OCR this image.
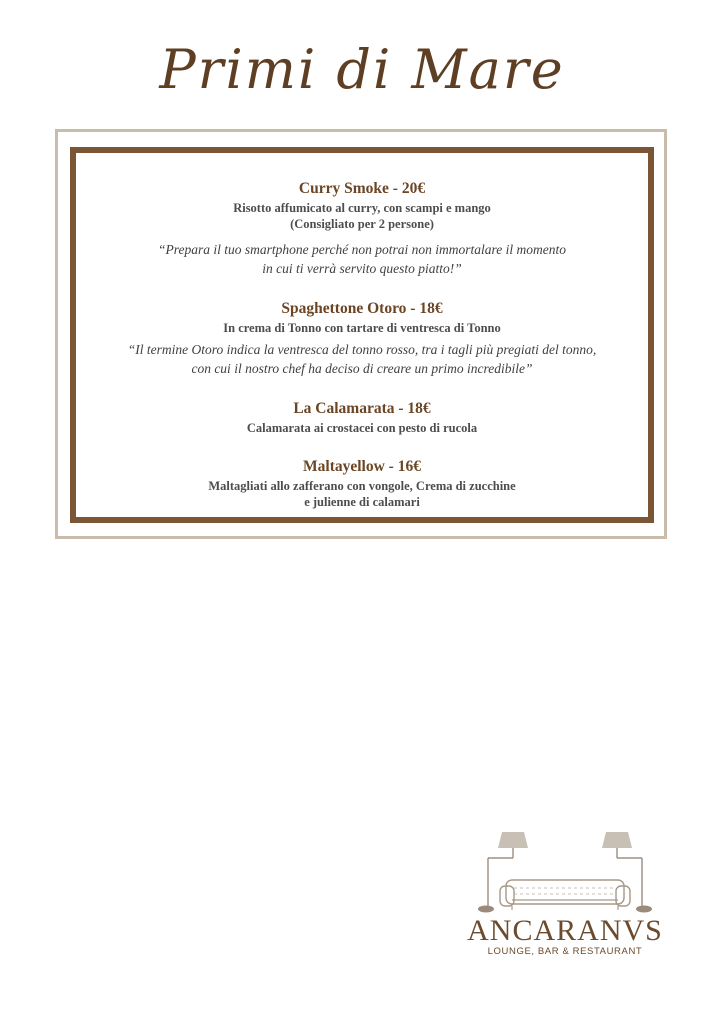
Primi di Mare
Curry Smoke - 20€
Risotto affumicato al curry, con scampi e mango
(Consigliato per 2 persone)
“Prepara il tuo smartphone perché non potrai non immortalare il momento
in cui ti verrà servito questo piatto!”
Spaghettone Otoro - 18€
In crema di Tonno con tartare di ventresca di Tonno
“Il termine Otoro indica la ventresca del tonno rosso, tra i tagli più pregiati del tonno,
con cui il nostro chef ha deciso di creare un primo incredibile”
La Calamarata - 18€
Calamarata ai crostacei con pesto di rucola
Maltayellow - 16€
Maltagliati allo zafferano con vongole, Crema di zucchine
e julienne di calamari
ANCARANVS
LOUNGE, BAR & RESTAURANT
